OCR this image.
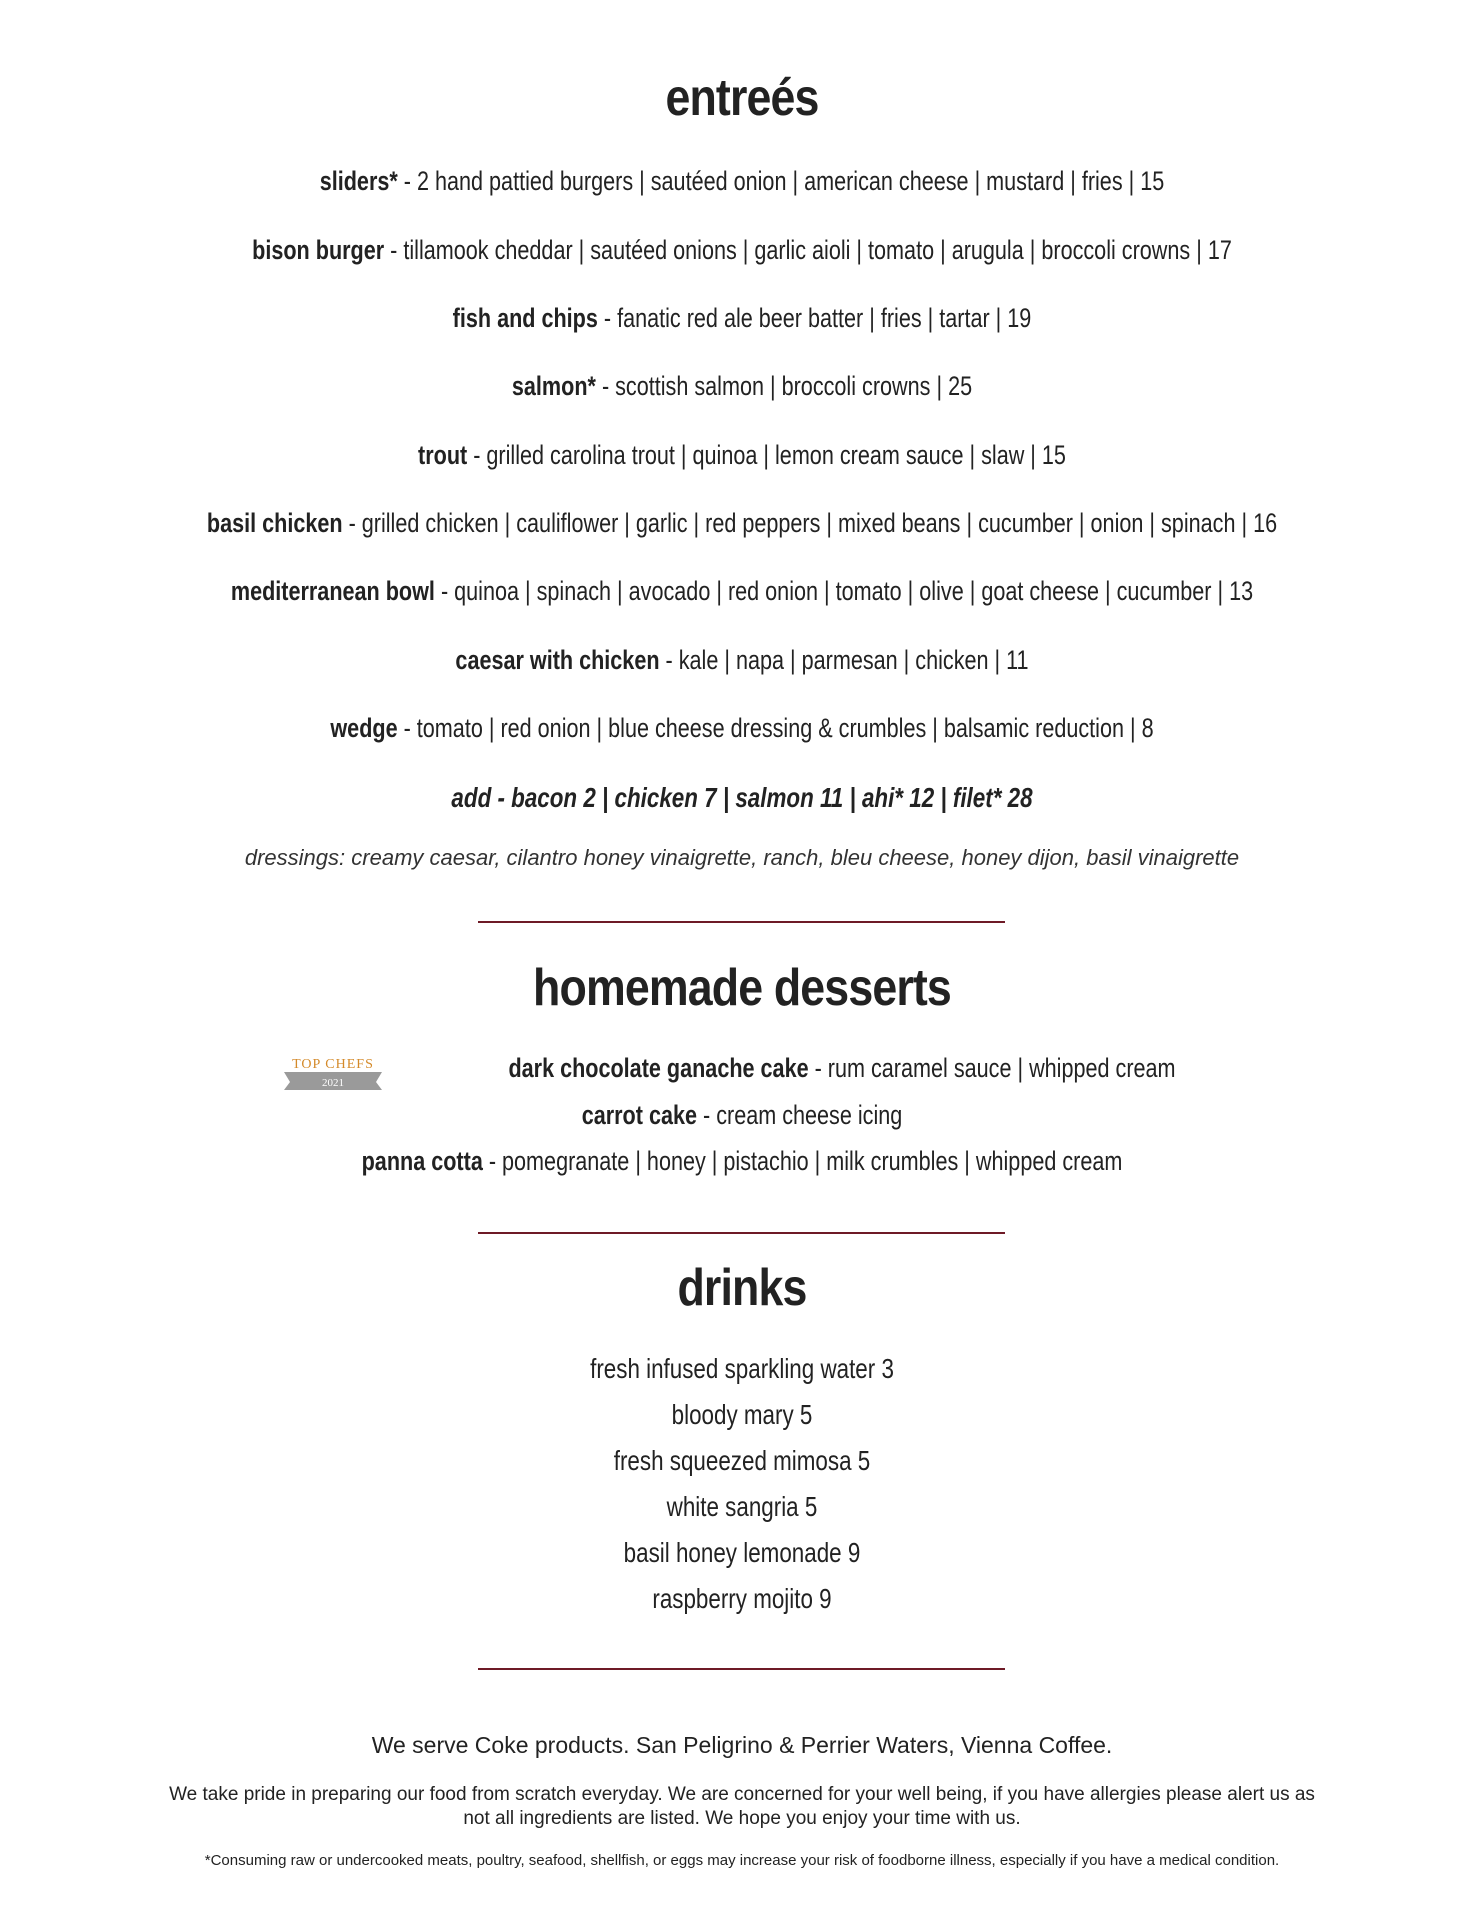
entreés
sliders* - 2 hand pattied burgers | sautéed onion | american cheese | mustard | fries | 15
bison burger - tillamook cheddar | sautéed onions | garlic aioli | tomato | arugula | broccoli crowns | 17
fish and chips - fanatic red ale beer batter | fries | tartar | 19
salmon* - scottish salmon | broccoli crowns | 25
trout - grilled carolina trout | quinoa | lemon cream sauce | slaw | 15
basil chicken - grilled chicken | cauliflower | garlic | red peppers | mixed beans | cucumber | onion | spinach | 16
mediterranean bowl - quinoa | spinach | avocado | red onion | tomato | olive | goat cheese | cucumber | 13
caesar with chicken - kale | napa | parmesan | chicken | 11
wedge - tomato | red onion | blue cheese dressing & crumbles | balsamic reduction | 8
add - bacon 2 | chicken 7 | salmon 11 | ahi* 12 | filet* 28
dressings: creamy caesar, cilantro honey vinaigrette, ranch, bleu cheese, honey dijon, basil vinaigrette
homemade desserts
TOP CHEFS
2021	dark chocolate ganache cake - rum caramel sauce | whipped cream
carrot cake - cream cheese icing
panna cotta - pomegranate | honey | pistachio | milk crumbles | whipped cream
drinks
fresh infused sparkling water 3
bloody mary 5
fresh squeezed mimosa 5
white sangria 5
basil honey lemonade 9
raspberry mojito 9
We serve Coke products. San Peligrino & Perrier Waters, Vienna Coffee.
We take pride in preparing our food from scratch everyday. We are concerned for your well being, if you have allergies please alert us as
not all ingredients are listed. We hope you enjoy your time with us.
*Consuming raw or undercooked meats, poultry, seafood, shellfish, or eggs may increase your risk of foodborne illness, especially if you have a medical condition.
